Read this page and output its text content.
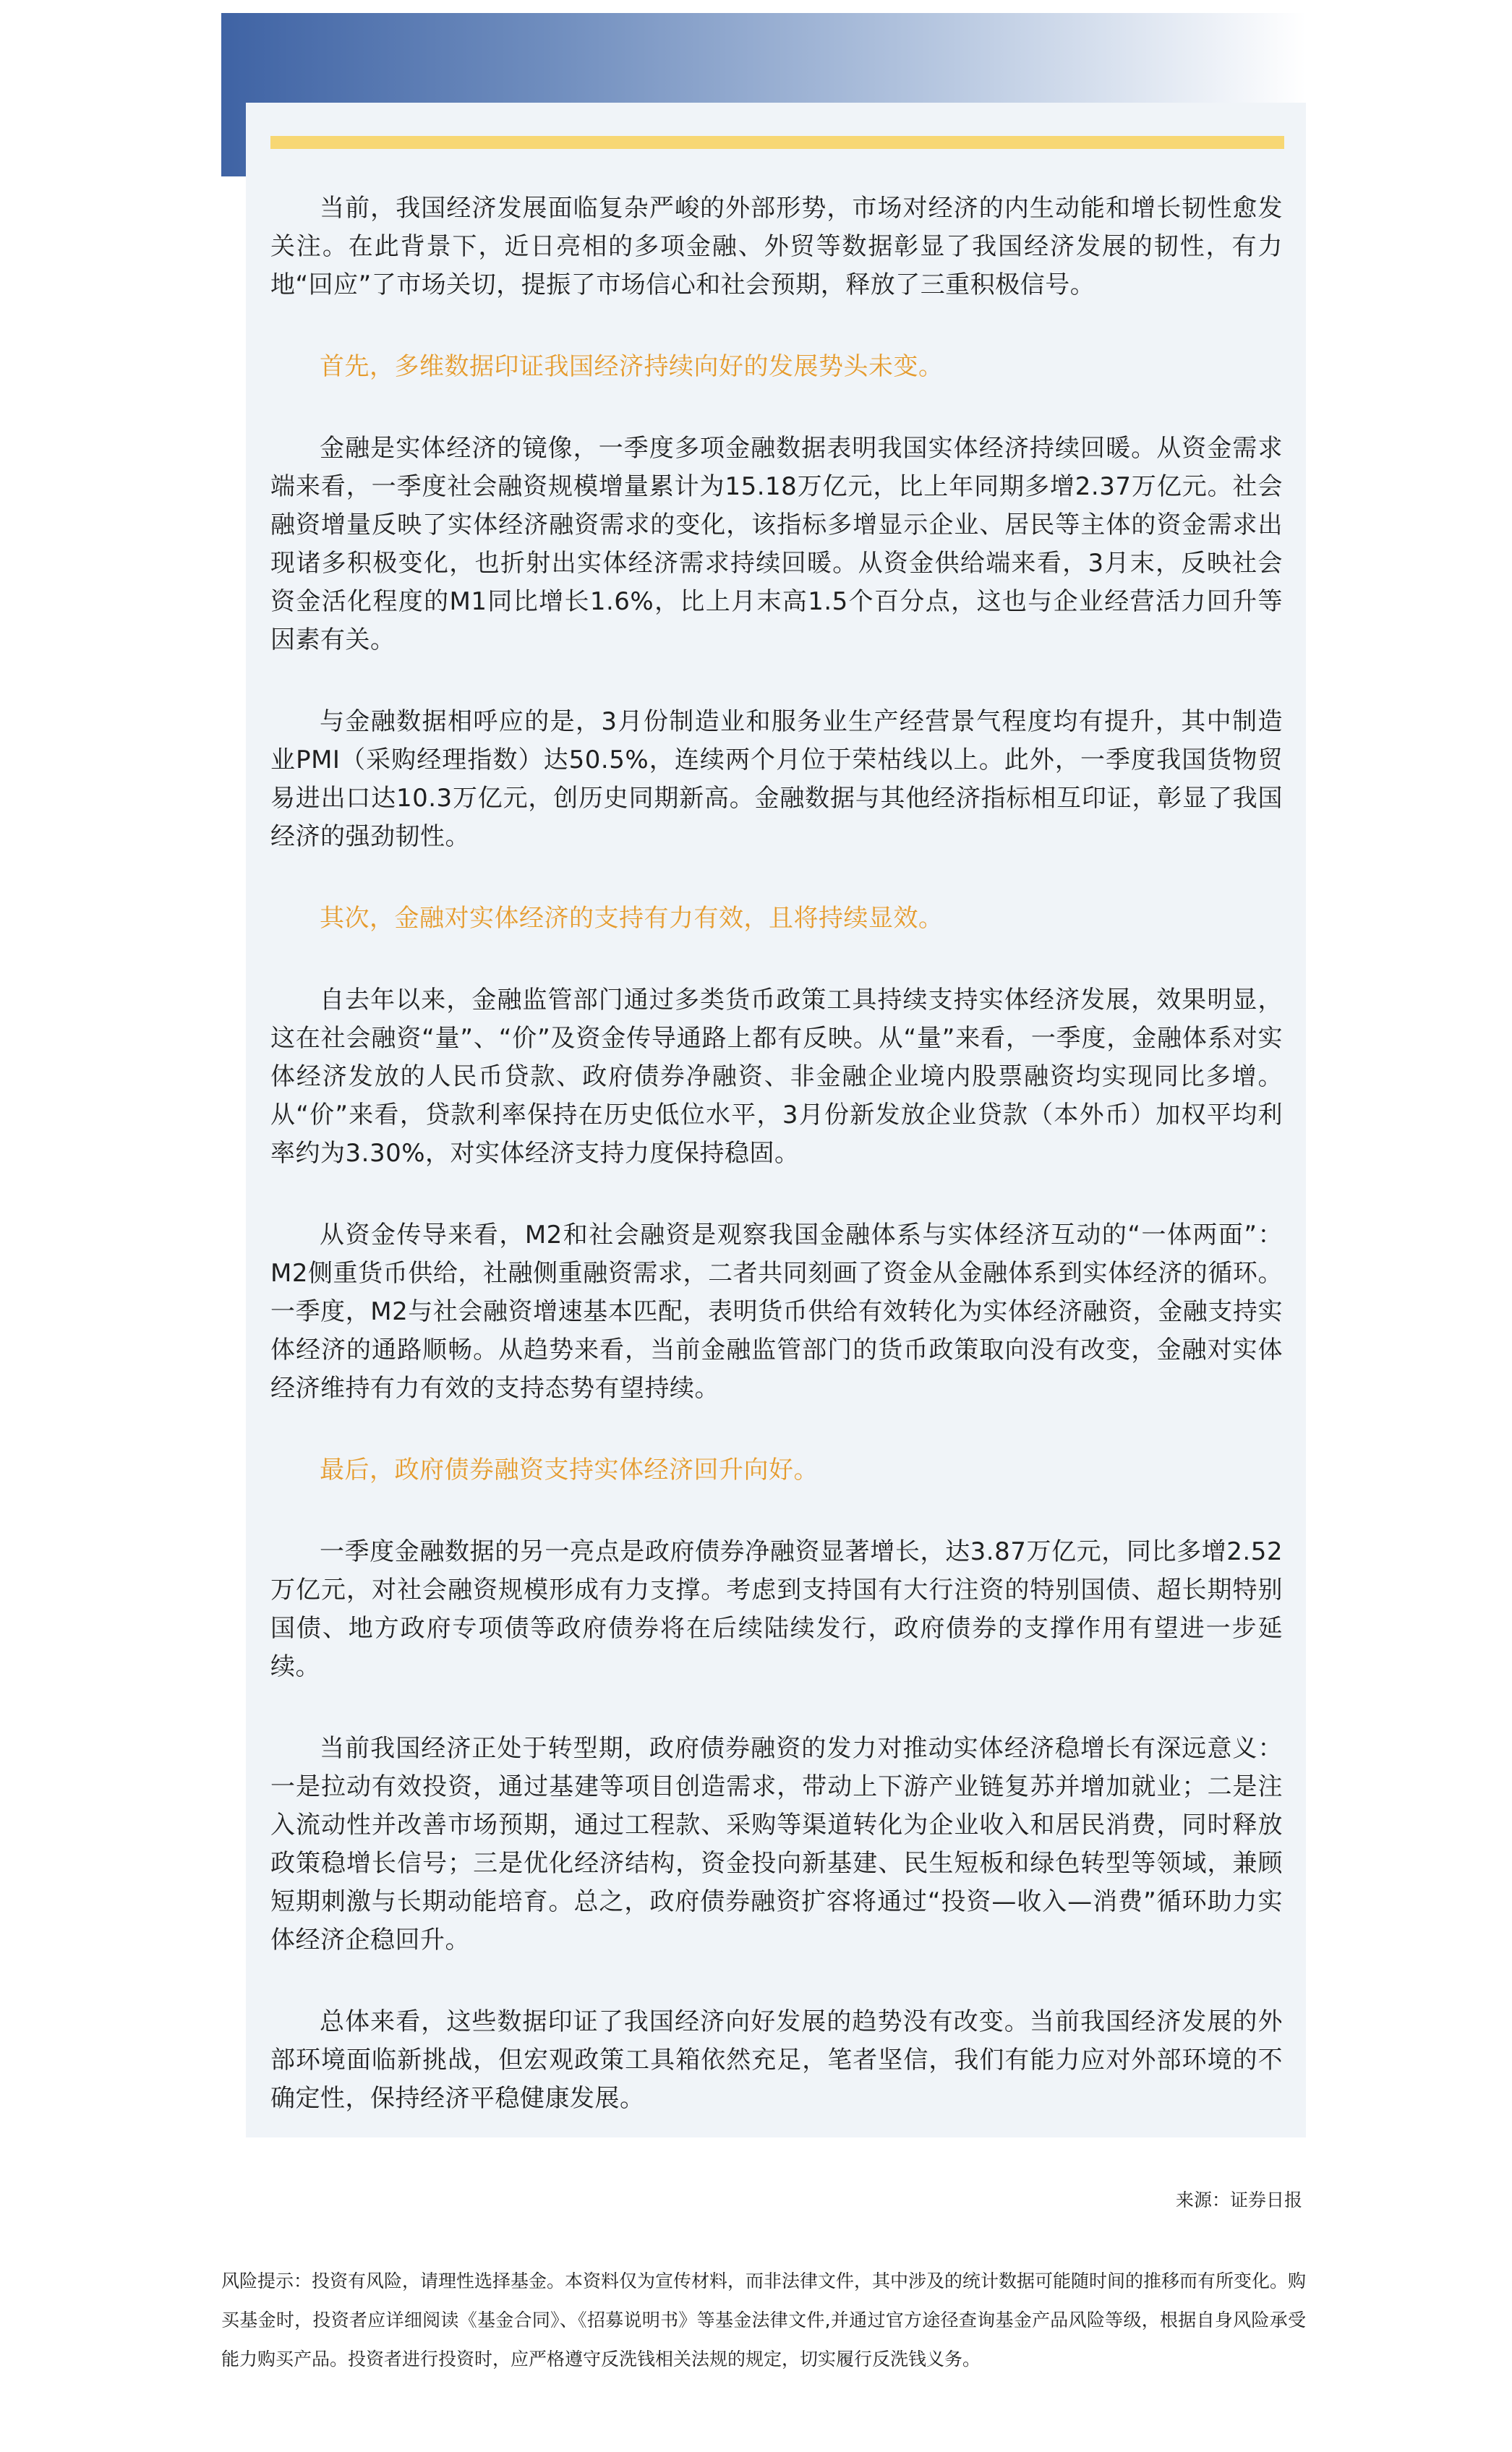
当前，我国经济发展面临复杂严峻的外部形势，市场对经济的内生动能和增长韧性愈发关注。在此背景下，近日亮相的多项金融、外贸等数据彰显了我国经济发展的韧性，有力地“回应”了市场关切，提振了市场信心和社会预期，释放了三重积极信号。

首先，多维数据印证我国经济持续向好的发展势头未变。

金融是实体经济的镜像，一季度多项金融数据表明我国实体经济持续回暖。从资金需求端来看，一季度社会融资规模增量累计为15.18万亿元，比上年同期多增2.37万亿元。社会融资增量反映了实体经济融资需求的变化，该指标多增显示企业、居民等主体的资金需求出现诸多积极变化，也折射出实体经济需求持续回暖。从资金供给端来看，3月末，反映社会资金活化程度的M1同比增长1.6%，比上月末高1.5个百分点，这也与企业经营活力回升等因素有关。

与金融数据相呼应的是，3月份制造业和服务业生产经营景气程度均有提升，其中制造业PMI（采购经理指数）达50.5%，连续两个月位于荣枯线以上。此外，一季度我国货物贸易进出口达10.3万亿元，创历史同期新高。金融数据与其他经济指标相互印证，彰显了我国经济的强劲韧性。

其次，金融对实体经济的支持有力有效，且将持续显效。

自去年以来，金融监管部门通过多类货币政策工具持续支持实体经济发展，效果明显，这在社会融资“量”、“价”及资金传导通路上都有反映。从“量”来看，一季度，金融体系对实体经济发放的人民币贷款、政府债券净融资、非金融企业境内股票融资均实现同比多增。从“价”来看，贷款利率保持在历史低位水平，3月份新发放企业贷款（本外币）加权平均利率约为3.30%，对实体经济支持力度保持稳固。

从资金传导来看，M2和社会融资是观察我国金融体系与实体经济互动的“一体两面”：M2侧重货币供给，社融侧重融资需求，二者共同刻画了资金从金融体系到实体经济的循环。一季度，M2与社会融资增速基本匹配，表明货币供给有效转化为实体经济融资，金融支持实体经济的通路顺畅。从趋势来看，当前金融监管部门的货币政策取向没有改变，金融对实体经济维持有力有效的支持态势有望持续。

最后，政府债券融资支持实体经济回升向好。

一季度金融数据的另一亮点是政府债券净融资显著增长，达3.87万亿元，同比多增2.52万亿元，对社会融资规模形成有力支撑。考虑到支持国有大行注资的特别国债、超长期特别国债、地方政府专项债等政府债券将在后续陆续发行，政府债券的支撑作用有望进一步延续。

当前我国经济正处于转型期，政府债券融资的发力对推动实体经济稳增长有深远意义：一是拉动有效投资，通过基建等项目创造需求，带动上下游产业链复苏并增加就业；二是注入流动性并改善市场预期，通过工程款、采购等渠道转化为企业收入和居民消费，同时释放政策稳增长信号；三是优化经济结构，资金投向新基建、民生短板和绿色转型等领域，兼顾短期刺激与长期动能培育。总之，政府债券融资扩容将通过“投资—收入—消费”循环助力实体经济企稳回升。

总体来看，这些数据印证了我国经济向好发展的趋势没有改变。当前我国经济发展的外部环境面临新挑战，但宏观政策工具箱依然充足，笔者坚信，我们有能力应对外部环境的不确定性，保持经济平稳健康发展。

来源：证券日报

风险提示：投资有风险，请理性选择基金。本资料仅为宣传材料，而非法律文件，其中涉及的统计数据可能随时间的推移而有所变化。购买基金时，投资者应详细阅读《基金合同》、《招募说明书》等基金法律文件,并通过官方途径查询基金产品风险等级，根据自身风险承受能力购买产品。投资者进行投资时，应严格遵守反洗钱相关法规的规定，切实履行反洗钱义务。
